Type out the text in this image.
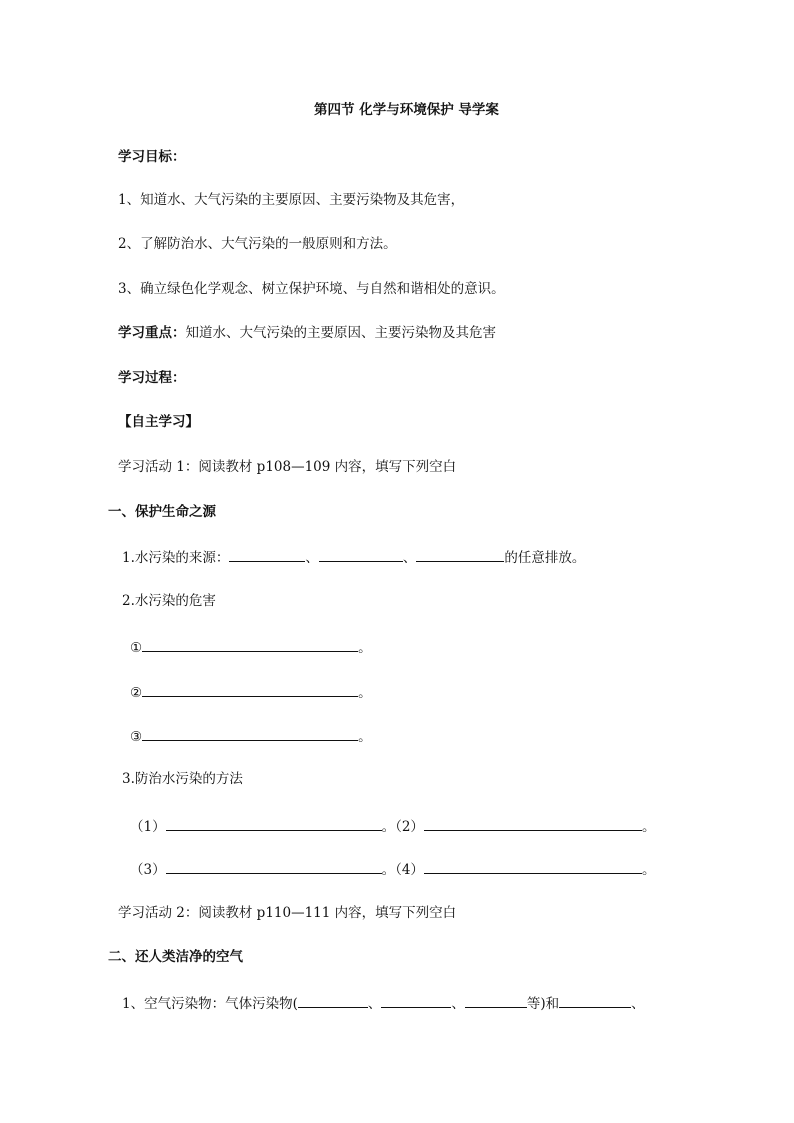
第四节 化学与环境保护 导学案
学习目标：
1、知道水、大气污染的主要原因、主要污染物及其危害，
2、了解防治水、大气污染的一般原则和方法。
3、确立绿色化学观念、树立保护环境、与自然和谐相处的意识。
学习重点：知道水、大气污染的主要原因、主要污染物及其危害
学习过程：
【自主学习】
学习活动 1：阅读教材 p108—109 内容，填写下列空白
一、保护生命之源
1.水污染的来源：	、	、	的任意排放。
2.水污染的危害
①	。
②	。
③	。
3.防治水污染的方法
（1）	。（2）	。
（3）	。（4）	。
学习活动 2：阅读教材 p110—111 内容，填写下列空白
二、还人类洁净的空气
1、空气污染物：气体污染物(	、	、	等)和	、
